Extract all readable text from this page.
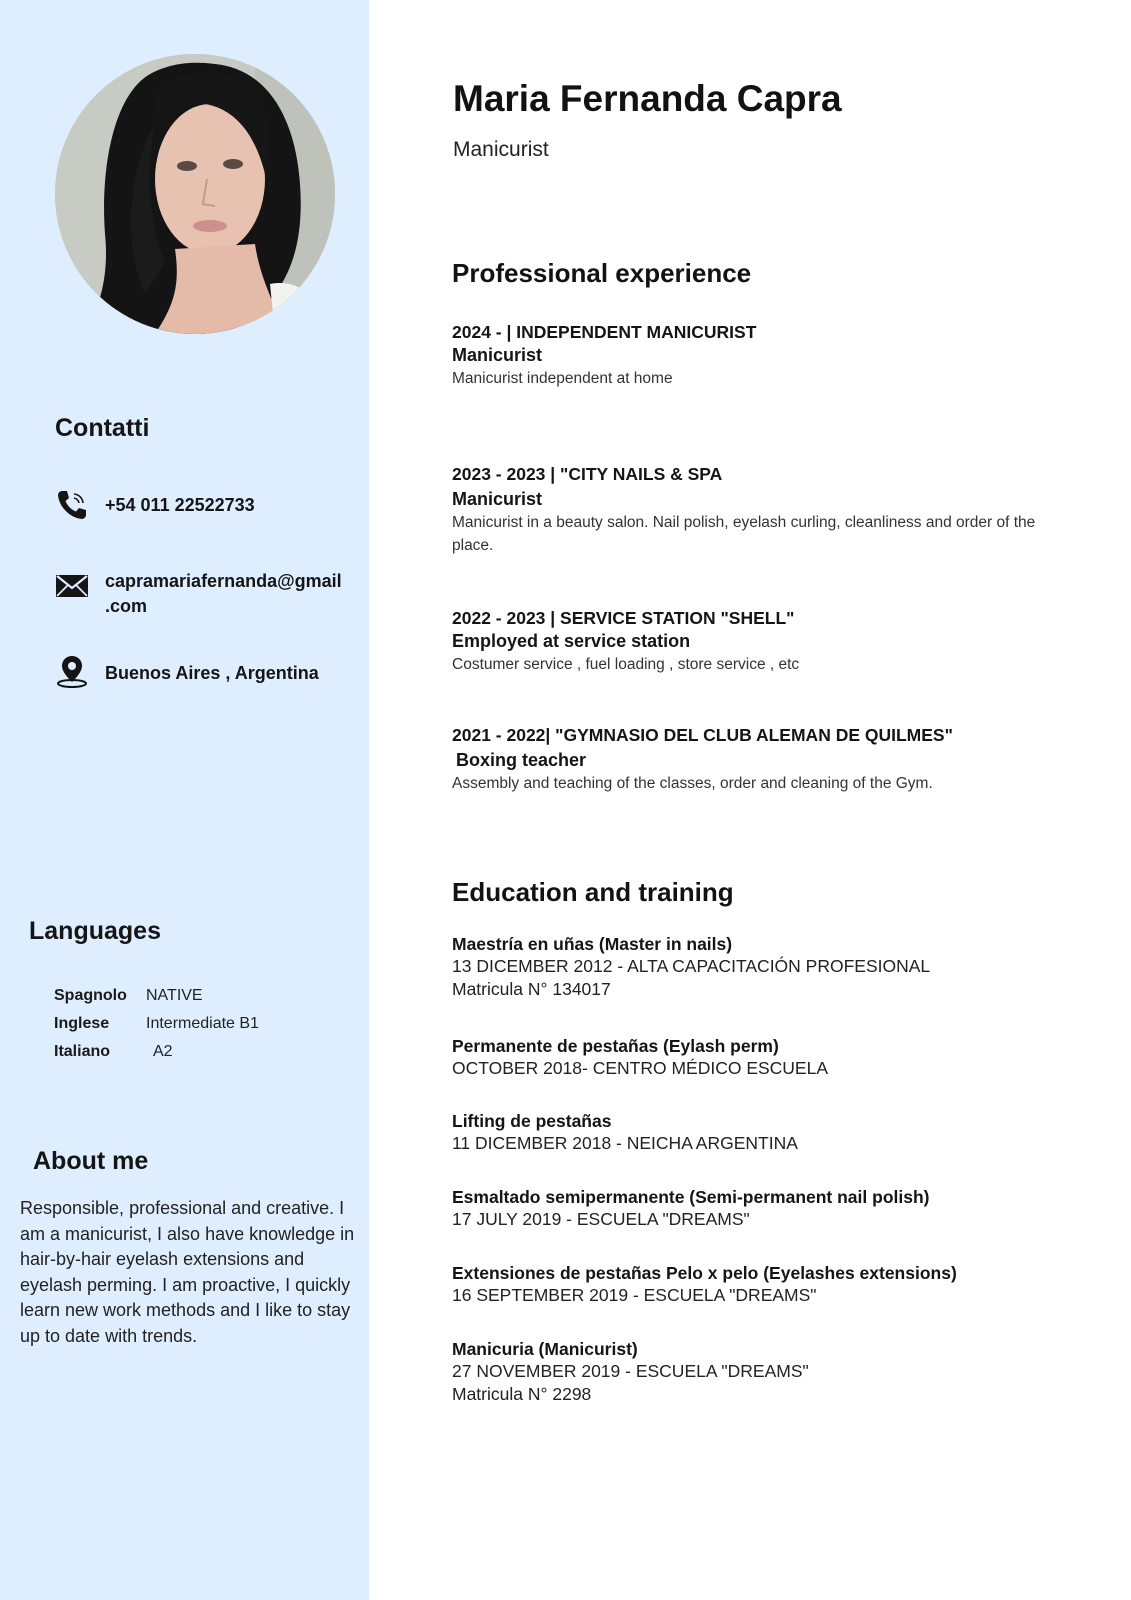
Contatti
+54 011 22522733
capramariafernanda@gmail
.com
Buenos Aires , Argentina
Languages
Spagnolo	NATIVE
Inglese	Intermediate B1
Italiano	A2
About me
Responsible, professional and creative. I am a manicurist, I also have knowledge in hair-by-hair eyelash extensions and eyelash perming. I am proactive, I quickly learn new work methods and I like to stay up to date with trends.
Maria Fernanda Capra
Manicurist
Professional experience
2024 - | INDEPENDENT MANICURIST
Manicurist
Manicurist independent at home
2023 - 2023 | "CITY NAILS & SPA
Manicurist
Manicurist in a beauty salon. Nail polish, eyelash curling, cleanliness and order of the place.
2022 - 2023 | SERVICE STATION "SHELL"
Employed at service station
Costumer service , fuel loading , store service , etc
2021 - 2022| "GYMNASIO DEL CLUB ALEMAN DE QUILMES"
Boxing teacher
Assembly and teaching of the classes, order and cleaning of the Gym.
Education and training
Maestría en uñas (Master in nails)
13 DICEMBER 2012 - ALTA CAPACITACIÓN PROFESIONAL
Matricula N° 134017
Permanente de pestañas (Eylash perm)
OCTOBER 2018- CENTRO MÉDICO ESCUELA
Lifting de pestañas
11 DICEMBER 2018 - NEICHA ARGENTINA
Esmaltado semipermanente (Semi-permanent nail polish)
17 JULY 2019 - ESCUELA "DREAMS"
Extensiones de pestañas Pelo x pelo (Eyelashes extensions)
16 SEPTEMBER 2019 - ESCUELA "DREAMS"
Manicuria (Manicurist)
27 NOVEMBER 2019 - ESCUELA "DREAMS"
Matricula N° 2298
